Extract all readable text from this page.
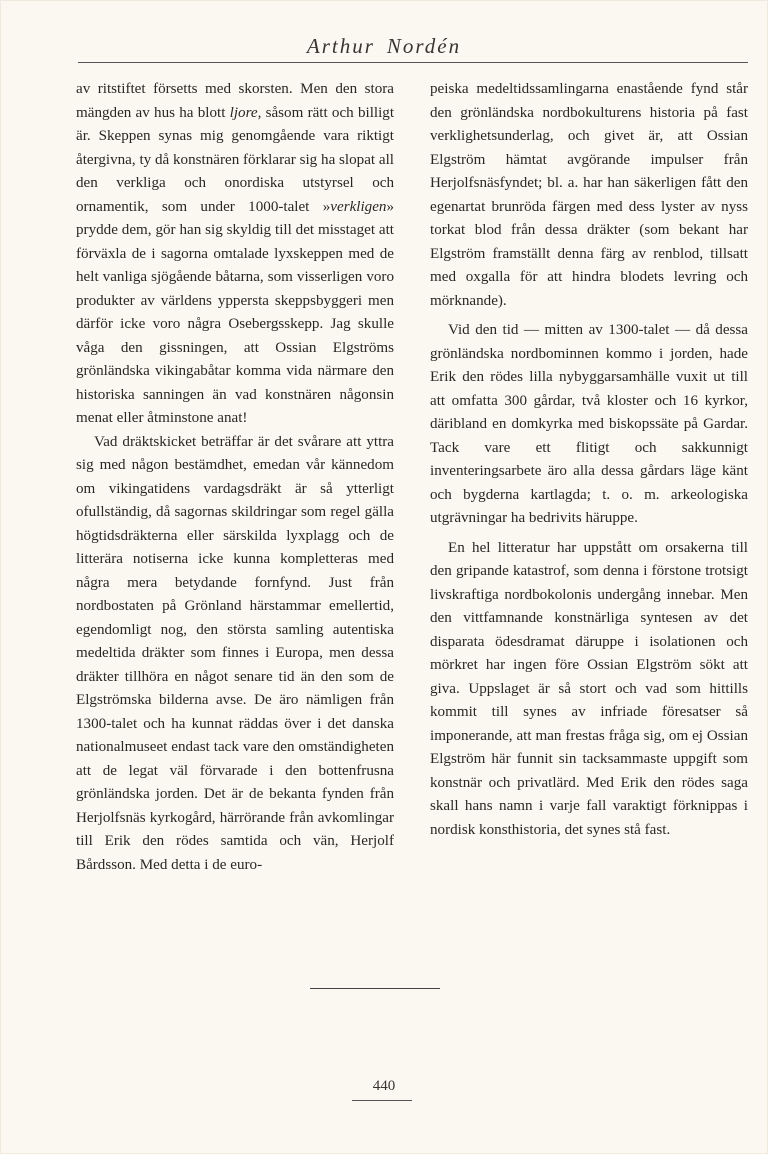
Arthur Nordén

av ritstiftet försetts med skorsten. Men den stora mängden av hus ha blott ljore, såsom rätt och billigt är. Skeppen synas mig genomgående vara riktigt återgivna, ty då konstnären förklarar sig ha slopat all den verkliga och onordiska utstyrsel och ornamentik, som under 1000-talet »verkligen» prydde dem, gör han sig skyldig till det misstaget att förväxla de i sagorna omtalade lyxskeppen med de helt vanliga sjögående båtarna, som visserligen voro produkter av världens yppersta skeppsbyggeri men därför icke voro några Osebergsskepp. Jag skulle våga den gissningen, att Ossian Elgströms grönländska vikingabåtar komma vida närmare den historiska sanningen än vad konstnären någonsin menat eller åtminstone anat!

Vad dräktskicket beträffar är det svårare att yttra sig med någon bestämdhet, emedan vår kännedom om vikingatidens vardagsdräkt är så ytterligt ofullständig, då sagornas skildringar som regel gälla högtidsdräkterna eller särskilda lyxplagg och de litterära notiserna icke kunna kompletteras med några mera betydande fornfynd. Just från nordbostaten på Grönland härstammar emellertid, egendomligt nog, den största samling autentiska medeltida dräkter som finnes i Europa, men dessa dräkter tillhöra en något senare tid än den som de Elgströmska bilderna avse. De äro nämligen från 1300-talet och ha kunnat räddas över i det danska nationalmuseet endast tack vare den omständigheten att de legat väl förvarade i den bottenfrusna grönländska jorden. Det är de bekanta fynden från Herjolfsnäs kyrkogård, härrörande från avkomlingar till Erik den rödes samtida och vän, Herjolf Bårdsson. Med detta i de euro-

peiska medeltidssamlingarna enastående fynd står den grönländska nordbokulturens historia på fast verklighetsunderlag, och givet är, att Ossian Elgström hämtat avgörande impulser från Herjolfsnäsfyndet; bl. a. har han säkerligen fått den egenartat brunröda färgen med dess lyster av nyss torkat blod från dessa dräkter (som bekant har Elgström framställt denna färg av renblod, tillsatt med oxgalla för att hindra blodets levring och mörknande).

Vid den tid — mitten av 1300-talet — då dessa grönländska nordbominnen kommo i jorden, hade Erik den rödes lilla nybyggarsamhälle vuxit ut till att omfatta 300 gårdar, två kloster och 16 kyrkor, däribland en domkyrka med biskopssäte på Gardar. Tack vare ett flitigt och sakkunnigt inventeringsarbete äro alla dessa gårdars läge känt och bygderna kartlagda; t. o. m. arkeologiska utgrävningar ha bedrivits häruppe.

En hel litteratur har uppstått om orsakerna till den gripande katastrof, som denna i förstone trotsigt livskraftiga nordbokolonis undergång innebar. Men den vittfamnande konstnärliga syntesen av det disparata ödesdramat däruppe i isolationen och mörkret har ingen före Ossian Elgström sökt att giva. Uppslaget är så stort och vad som hittills kommit till synes av infriade föresatser så imponerande, att man frestas fråga sig, om ej Ossian Elgström här funnit sin tacksammaste uppgift som konstnär och privatlärd. Med Erik den rödes saga skall hans namn i varje fall varaktigt förknippas i nordisk konsthistoria, det synes stå fast.

440
